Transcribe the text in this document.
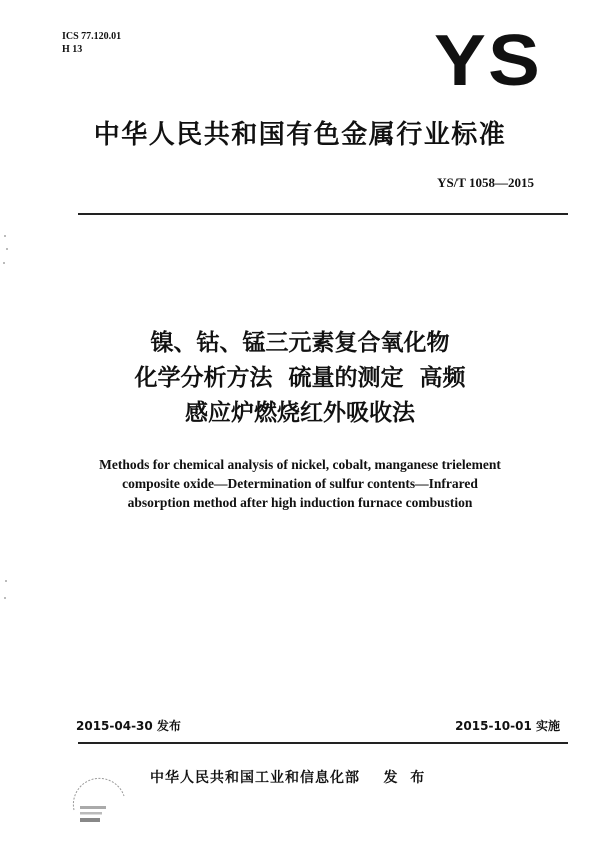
ICS 77.120.01
H 13	YS
中华人民共和国有色金属行业标准
YS/T 1058—2015
镍、钴、锰三元素复合氧化物
化学分析方法  硫量的测定  高频
感应炉燃烧红外吸收法
Methods for chemical analysis of nickel, cobalt, manganese trielement
composite oxide—Determination of sulfur contents—Infrared
absorption method after high induction furnace combustion
2015-04-30 发布	2015-10-01 实施
中华人民共和国工业和信息化部    发  布
